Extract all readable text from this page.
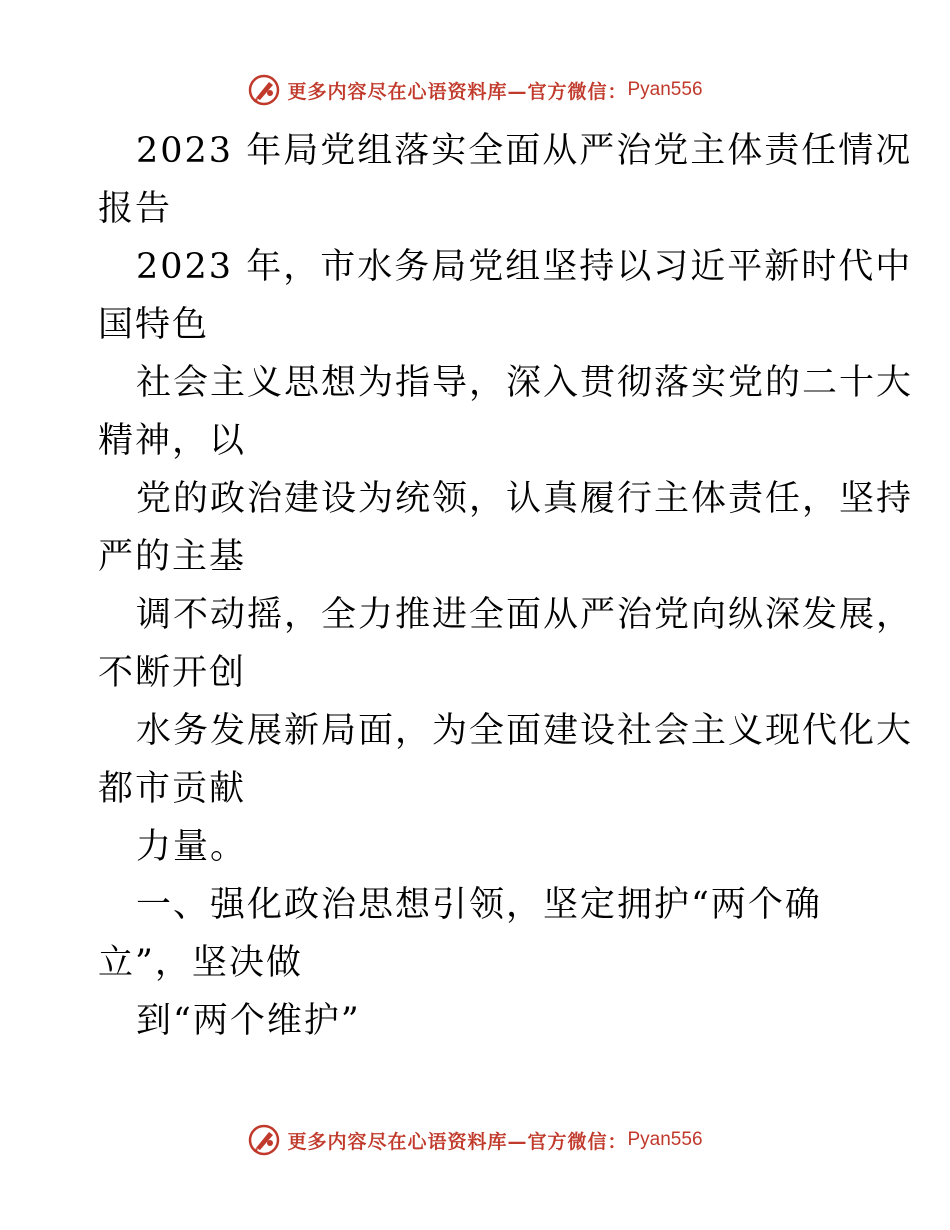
更多内容尽在心语资料库—官方微信： Pyan556
2023 年局党组落实全面从严治党主体责任情况
报告
2023 年，市水务局党组坚持以习近平新时代中
国特色
社会主义思想为指导，深入贯彻落实党的二十大
精神，以
党的政治建设为统领，认真履行主体责任，坚持
严的主基
调不动摇，全力推进全面从严治党向纵深发展，
不断开创
水务发展新局面，为全面建设社会主义现代化大
都市贡献
力量。
一、强化政治思想引领，坚定拥护“两个确
立”，坚决做
到“两个维护”
更多内容尽在心语资料库—官方微信： Pyan556
